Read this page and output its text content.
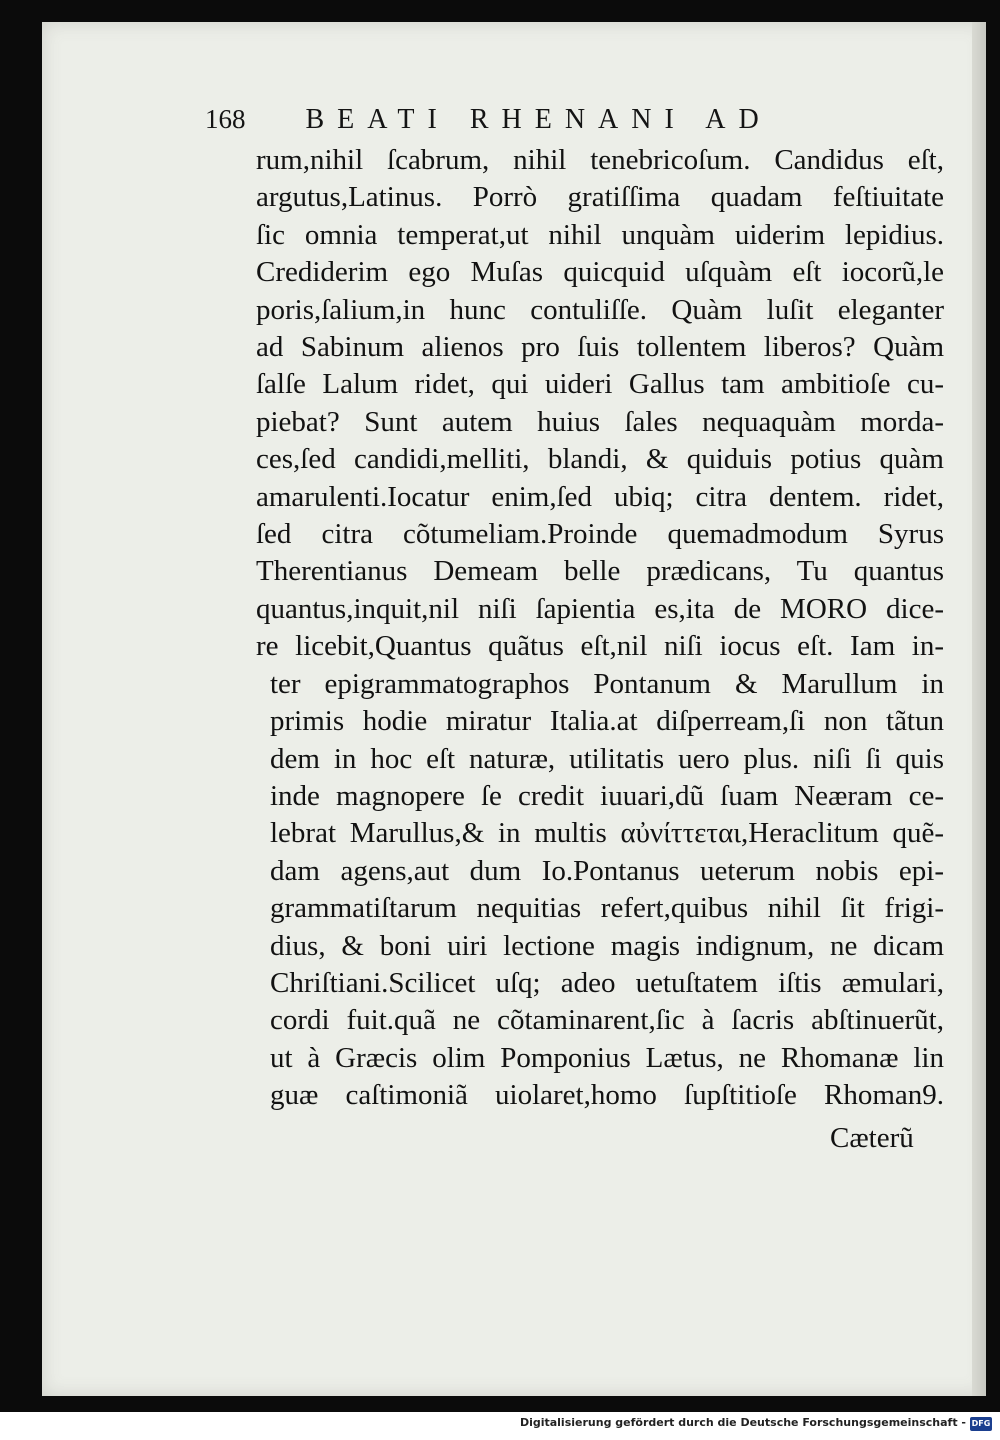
168 BEATI RHENANI AD
rum,nihil ſcabrum, nihil tenebricoſum. Candidus eſt,
argutus,Latinus. Porrò gratiſſima quadam feſtiuitate
ſic omnia temperat,ut nihil unquàm uiderim lepidius.
Crediderim ego Muſas quicquid uſquàm eſt iocorũ,le
poris,ſalium,in hunc contuliſſe. Quàm luſit eleganter
ad Sabinum alienos pro ſuis tollentem liberos? Quàm
ſalſe Lalum ridet, qui uideri Gallus tam ambitioſe cu-
piebat? Sunt autem huius ſales nequaquàm morda-
ces,ſed candidi,melliti, blandi, & quiduis potius quàm
amarulenti.Iocatur enim,ſed ubiq; citra dentem. ridet,
ſed citra cõtumeliam.Proinde quemadmodum Syrus
Therentianus Demeam belle prædicans, Tu quantus
quantus,inquit,nil niſi ſapientia es,ita de MORO dice-
re licebit,Quantus quãtus eſt,nil niſi iocus eſt. Iam in-
ter epigrammatographos Pontanum & Marullum in
primis hodie miratur Italia.at diſperream,ſi non tãtun
dem in hoc eſt naturæ, utilitatis uero plus. niſi ſi quis
inde magnopere ſe credit iuuari,dũ ſuam Neæram ce-
lebrat Marullus,& in multis αὐνίττεται,Heraclitum quẽ-
dam agens,aut dum Io.Pontanus ueterum nobis epi-
grammatiſtarum nequitias refert,quibus nihil ſit frigi-
dius, & boni uiri lectione magis indignum, ne dicam
Chriſtiani.Scilicet uſq; adeo uetuſtatem iſtis æmulari,
cordi fuit.quã ne cõtaminarent,ſic à ſacris abſtinuerũt,
ut à Græcis olim Pomponius Lætus, ne Rhomanæ lin
guæ caſtimoniã uiolaret,homo ſupſtitioſe Rhoman9.
Cæterũ
Digitalisierung gefördert durch die Deutsche Forschungsgemeinschaft - DFG
